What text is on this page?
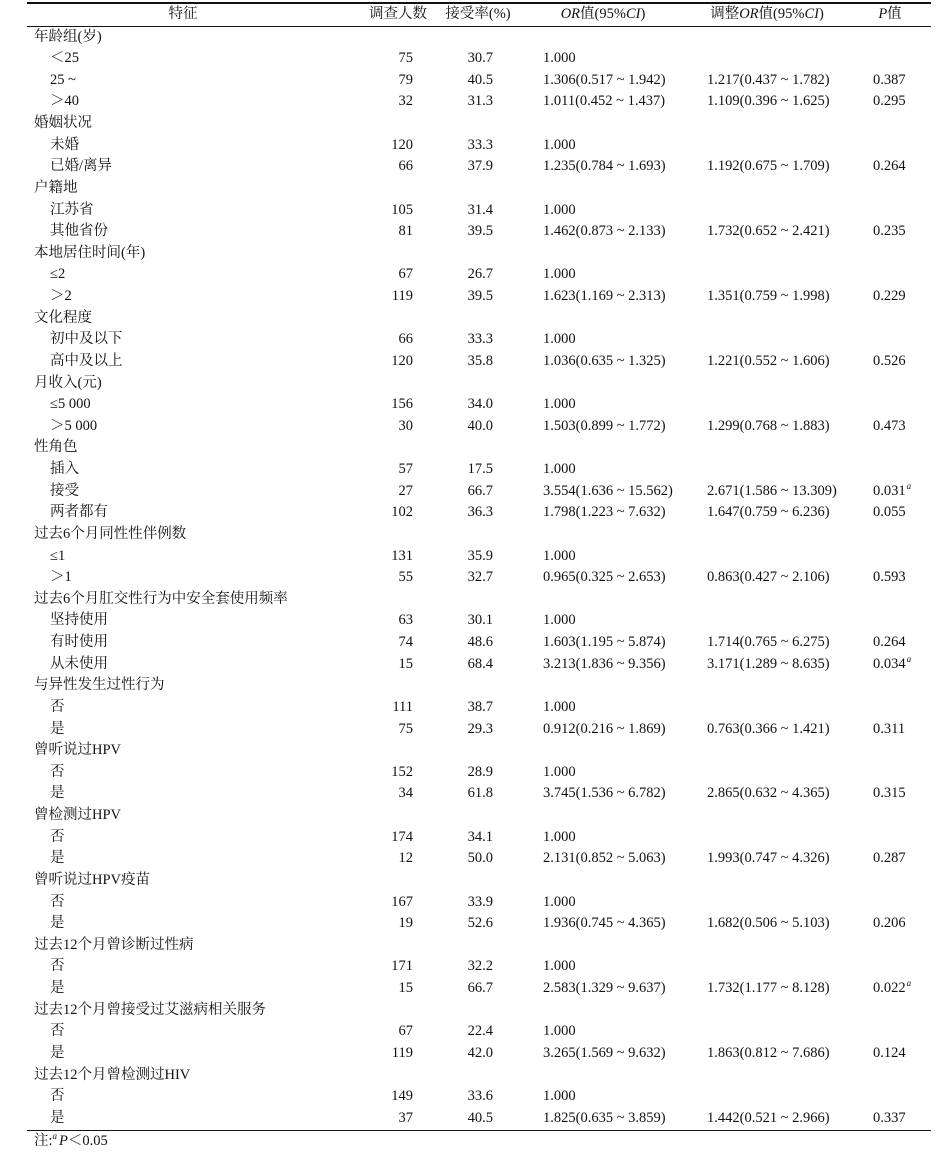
特征	调查人数	接受率(%)	OR值(95%CI)	调整OR值(95%CI)	P值
年龄组(岁)
＜25	75	30.7	1.000
25 ~	79	40.5	1.306(0.517 ~ 1.942)	1.217(0.437 ~ 1.782)	0.387
＞40	32	31.3	1.011(0.452 ~ 1.437)	1.109(0.396 ~ 1.625)	0.295
婚姻状况
未婚	120	33.3	1.000
已婚/离异	66	37.9	1.235(0.784 ~ 1.693)	1.192(0.675 ~ 1.709)	0.264
户籍地
江苏省	105	31.4	1.000
其他省份	81	39.5	1.462(0.873 ~ 2.133)	1.732(0.652 ~ 2.421)	0.235
本地居住时间(年)
≤2	67	26.7	1.000
＞2	119	39.5	1.623(1.169 ~ 2.313)	1.351(0.759 ~ 1.998)	0.229
文化程度
初中及以下	66	33.3	1.000
高中及以上	120	35.8	1.036(0.635 ~ 1.325)	1.221(0.552 ~ 1.606)	0.526
月收入(元)
≤5 000	156	34.0	1.000
＞5 000	30	40.0	1.503(0.899 ~ 1.772)	1.299(0.768 ~ 1.883)	0.473
性角色
插入	57	17.5	1.000
接受	27	66.7	3.554(1.636 ~ 15.562) 2.671(1.586 ~ 13.309) 0.031$^a$
两者都有	102	36.3	1.798(1.223 ~ 7.632)	1.647(0.759 ~ 6.236)	0.055
过去6个月同性性伴例数
≤1	131	35.9	1.000
＞1	55	32.7	0.965(0.325 ~ 2.653)	0.863(0.427 ~ 2.106)	0.593
过去6个月肛交性行为中安全套使用频率
坚持使用	63	30.1	1.000
有时使用	74	48.6	1.603(1.195 ~ 5.874)	1.714(0.765 ~ 6.275)	0.264
从未使用	15	68.4	3.213(1.836 ~ 9.356)	3.171(1.289 ~ 8.635)	0.034$^a$
与异性发生过性行为
否	111	38.7	1.000
是	75	29.3	0.912(0.216 ~ 1.869)	0.763(0.366 ~ 1.421)	0.311
曾听说过HPV
否	152	28.9	1.000
是	34	61.8	3.745(1.536 ~ 6.782)	2.865(0.632 ~ 4.365)	0.315
曾检测过HPV
否	174	34.1	1.000
是	12	50.0	2.131(0.852 ~ 5.063)	1.993(0.747 ~ 4.326)	0.287
曾听说过HPV疫苗
否	167	33.9	1.000
是	19	52.6	1.936(0.745 ~ 4.365)	1.682(0.506 ~ 5.103)	0.206
过去12个月曾诊断过性病
否	171	32.2	1.000
是	15	66.7	2.583(1.329 ~ 9.637)	1.732(1.177 ~ 8.128)	0.022$^a$
过去12个月曾接受过艾滋病相关服务
否	67	22.4	1.000
是	119	42.0	3.265(1.569 ~ 9.632)	1.863(0.812 ~ 7.686)	0.124
过去12个月曾检测过HIV
否	149	33.6	1.000
是	37	40.5	1.825(0.635 ~ 3.859)	1.442(0.521 ~ 2.966)	0.337
注:$^a$ P＜0.05
